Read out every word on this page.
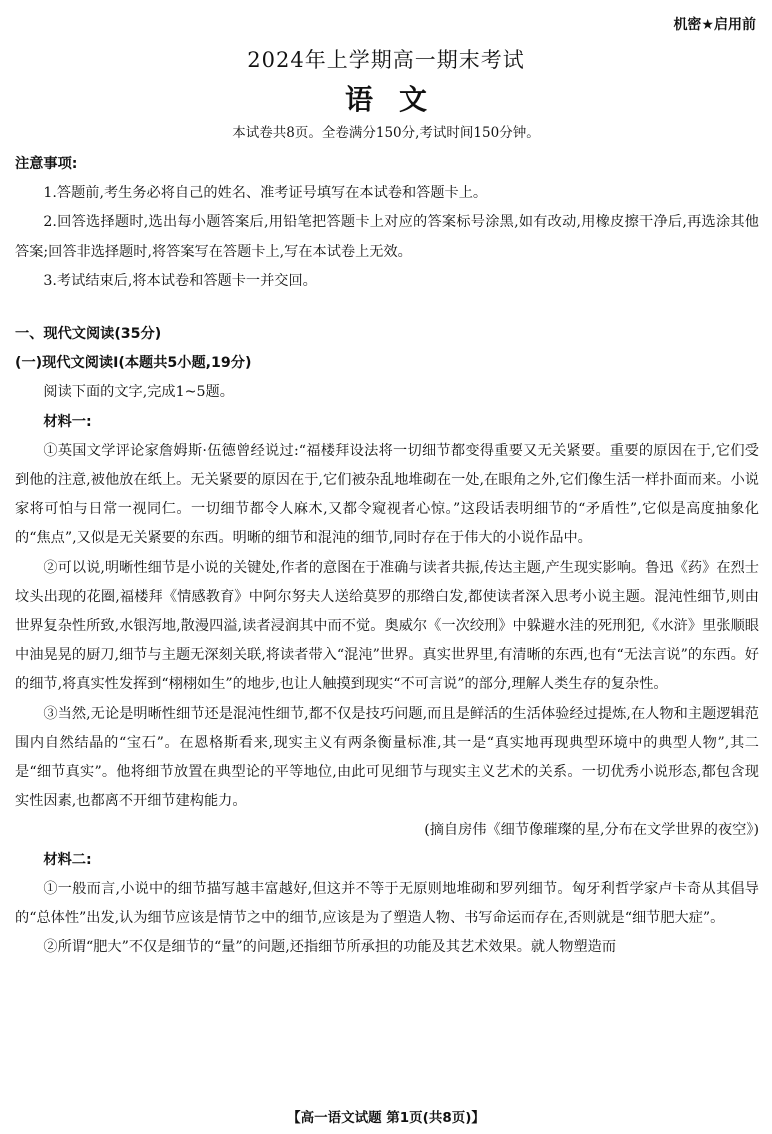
机密★启用前
2024年上学期高一期末考试
语文
本试卷共8页。全卷满分150分,考试时间150分钟。

注意事项:

1.答题前,考生务必将自己的姓名、准考证号填写在本试卷和答题卡上。

2.回答选择题时,选出每小题答案后,用铅笔把答题卡上对应的答案标号涂黑,如有改动,用橡皮擦干净后,再选涂其他答案;回答非选择题时,将答案写在答题卡上,写在本试卷上无效。

3.考试结束后,将本试卷和答题卡一并交回。

一、现代文阅读(35分)

(一)现代文阅读Ⅰ(本题共5小题,19分)

阅读下面的文字,完成1~5题。

材料一:

①英国文学评论家詹姆斯·伍德曾经说过:“福楼拜设法将一切细节都变得重要又无关紧要。重要的原因在于,它们受到他的注意,被他放在纸上。无关紧要的原因在于,它们被杂乱地堆砌在一处,在眼角之外,它们像生活一样扑面而来。小说家将可怕与日常一视同仁。一切细节都令人麻木,又都令窥视者心惊。”这段话表明细节的“矛盾性”,它似是高度抽象化的“焦点”,又似是无关紧要的东西。明晰的细节和混沌的细节,同时存在于伟大的小说作品中。

②可以说,明晰性细节是小说的关键处,作者的意图在于准确与读者共振,传达主题,产生现实影响。鲁迅《药》在烈士坟头出现的花圈,福楼拜《情感教育》中阿尔努夫人送给莫罗的那绺白发,都使读者深入思考小说主题。混沌性细节,则由世界复杂性所致,水银泻地,散漫四溢,读者浸润其中而不觉。奥威尔《一次绞刑》中躲避水洼的死刑犯,《水浒》里张顺眼中油晃晃的厨刀,细节与主题无深刻关联,将读者带入“混沌”世界。真实世界里,有清晰的东西,也有“无法言说”的东西。好的细节,将真实性发挥到“栩栩如生”的地步,也让人触摸到现实“不可言说”的部分,理解人类生存的复杂性。

③当然,无论是明晰性细节还是混沌性细节,都不仅是技巧问题,而且是鲜活的生活体验经过提炼,在人物和主题逻辑范围内自然结晶的“宝石”。在恩格斯看来,现实主义有两条衡量标准,其一是“真实地再现典型环境中的典型人物”,其二是“细节真实”。他将细节放置在典型论的平等地位,由此可见细节与现实主义艺术的关系。一切优秀小说形态,都包含现实性因素,也都离不开细节建构能力。

(摘自房伟《细节像璀璨的星,分布在文学世界的夜空》)

材料二:

①一般而言,小说中的细节描写越丰富越好,但这并不等于无原则地堆砌和罗列细节。匈牙利哲学家卢卡奇从其倡导的“总体性”出发,认为细节应该是情节之中的细节,应该是为了塑造人物、书写命运而存在,否则就是“细节肥大症”。

②所谓“肥大”不仅是细节的“量”的问题,还指细节所承担的功能及其艺术效果。就人物塑造而

【高一语文试题 第1页(共8页)】
